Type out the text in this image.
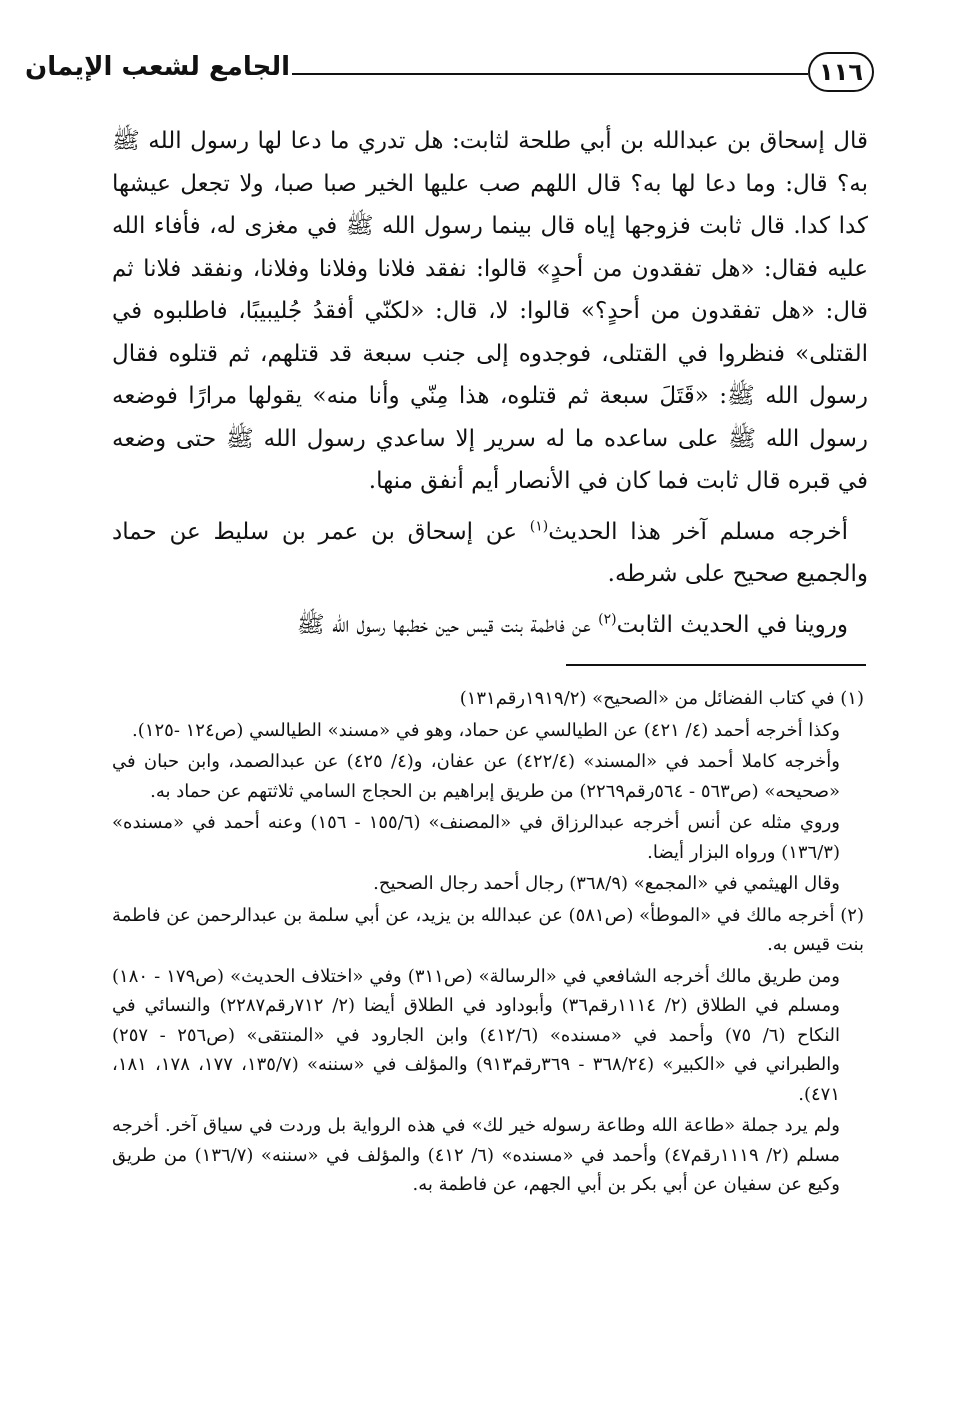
١١٦
الجامع لشعب الإيمان

قال إسحاق بن عبدالله بن أبي طلحة لثابت: هل تدري ما دعا لها رسول الله ﷺ به؟ قال: وما دعا لها به؟ قال اللهم صب عليها الخير صبا صبا، ولا تجعل عيشها كدا كدا. قال ثابت فزوجها إياه قال بينما رسول الله ﷺ في مغزى له، فأفاء الله عليه فقال: «هل تفقدون من أحدٍ» قالوا: نفقد فلانا وفلانا وفلانا، ونفقد فلانا ثم قال: «هل تفقدون من أحدٍ؟» قالوا: لا، قال: «لكنّي أفقدُ جُليبيبًا، فاطلبوه في القتلى» فنظروا في القتلى، فوجدوه إلى جنب سبعة قد قتلهم، ثم قتلوه فقال رسول الله ﷺ: «قَتَلَ سبعة ثم قتلوه، هذا مِنّي وأنا منه» يقولها مرارًا فوضعه رسول الله ﷺ على ساعده ما له سرير إلا ساعدي رسول الله ﷺ حتى وضعه في قبره قال ثابت فما كان في الأنصار أيم أنفق منها.

أخرجه مسلم آخر هذا الحديث$^{(١)}$ عن إسحاق بن عمر بن سليط عن حماد والجميع صحيح على شرطه.

وروينا في الحديث الثابت$^{(٢)}$ عن فاطمة بنت قيس حين خطبها رسول الله ﷺ

(١) في كتاب الفضائل من «الصحيح» (١٩١٩/٢رقم١٣١)

وكذا أخرجه أحمد (٤/ ٤٢١) عن الطيالسي عن حماد، وهو في «مسند» الطيالسي (ص١٢٤ -١٢٥).

وأخرجه كاملا أحمد في «المسند» (٤٢٢/٤) عن عفان، و(٤/ ٤٢٥) عن عبدالصمد، وابن حبان في «صحيحه» (ص٥٦٣ - ٥٦٤رقم٢٢٦٩) من طريق إبراهيم بن الحجاج السامي ثلاثتهم عن حماد به.

وروي مثله عن أنس أخرجه عبدالرزاق في «المصنف» (١٥٥/٦ - ١٥٦) وعنه أحمد في «مسنده» (١٣٦/٣) ورواه البزار أيضا.

وقال الهيثمي في «المجمع» (٣٦٨/٩) رجال أحمد رجال الصحيح.

(٢) أخرجه مالك في «الموطأ» (ص٥٨١) عن عبدالله بن يزيد، عن أبي سلمة بن عبدالرحمن عن فاطمة بنت قيس به.

ومن طريق مالك أخرجه الشافعي في «الرسالة» (ص٣١١) وفي «اختلاف الحديث» (ص١٧٩ - ١٨٠) ومسلم في الطلاق (٢/ ١١١٤رقم٣٦) وأبوداود في الطلاق أيضا (٢/ ٧١٢رقم٢٢٨٧) والنسائي في النكاح (٦/ ٧٥) وأحمد في «مسنده» (٤١٢/٦) وابن الجارود في «المنتقى» (ص٢٥٦ - ٢٥٧) والطبراني في «الكبير» (٣٦٨/٢٤ - ٣٦٩رقم٩١٣) والمؤلف في «سننه» (١٣٥/٧، ١٧٧، ١٧٨، ١٨١، ٤٧١).

ولم يرد جملة «طاعة الله وطاعة رسوله خير لك» في هذه الرواية بل وردت في سياق آخر. أخرجه مسلم (٢/ ١١١٩رقم٤٧) وأحمد في «مسنده» (٦/ ٤١٢) والمؤلف في «سننه» (١٣٦/٧) من طريق وكيع عن سفيان عن أبي بكر بن أبي الجهم، عن فاطمة به.
